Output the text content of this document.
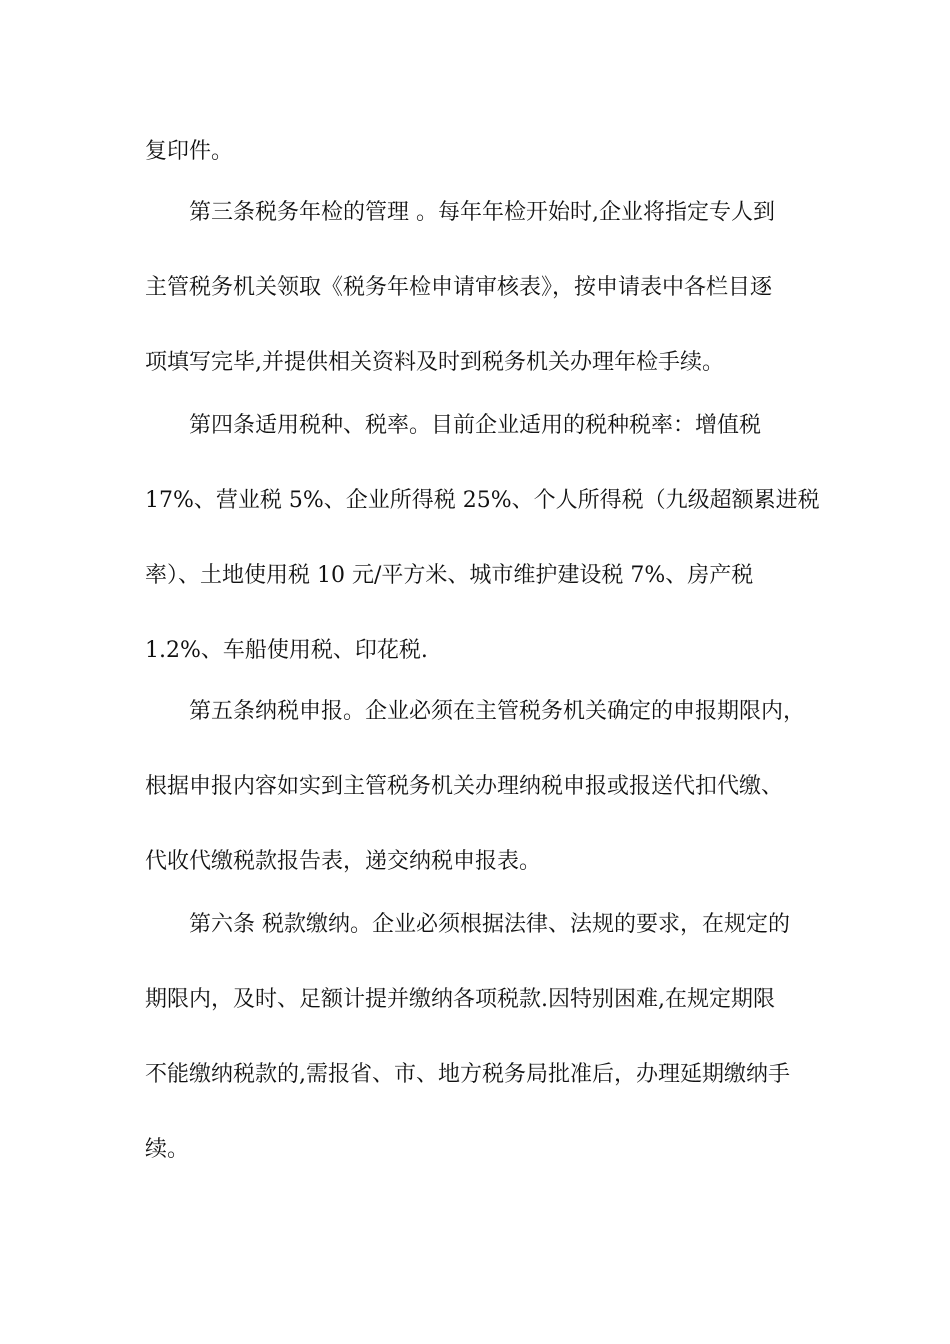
复印件。
第三条税务年检的管理 。每年年检开始时,企业将指定专人到
主管税务机关领取《税务年检申请审核表》，按申请表中各栏目逐
项填写完毕,并提供相关资料及时到税务机关办理年检手续。
第四条适用税种、税率。目前企业适用的税种税率：增值税
17%、营业税 5%、企业所得税 25%、个人所得税（九级超额累进税
率）、土地使用税 10 元/平方米、城市维护建设税 7%、房产税
1.2%、车船使用税、印花税.
第五条纳税申报。企业必须在主管税务机关确定的申报期限内，
根据申报内容如实到主管税务机关办理纳税申报或报送代扣代缴、
代收代缴税款报告表，递交纳税申报表。
第六条 税款缴纳。企业必须根据法律、法规的要求，在规定的
期限内，及时、足额计提并缴纳各项税款.因特别困难,在规定期限
不能缴纳税款的,需报省、市、地方税务局批准后，办理延期缴纳手
续。
